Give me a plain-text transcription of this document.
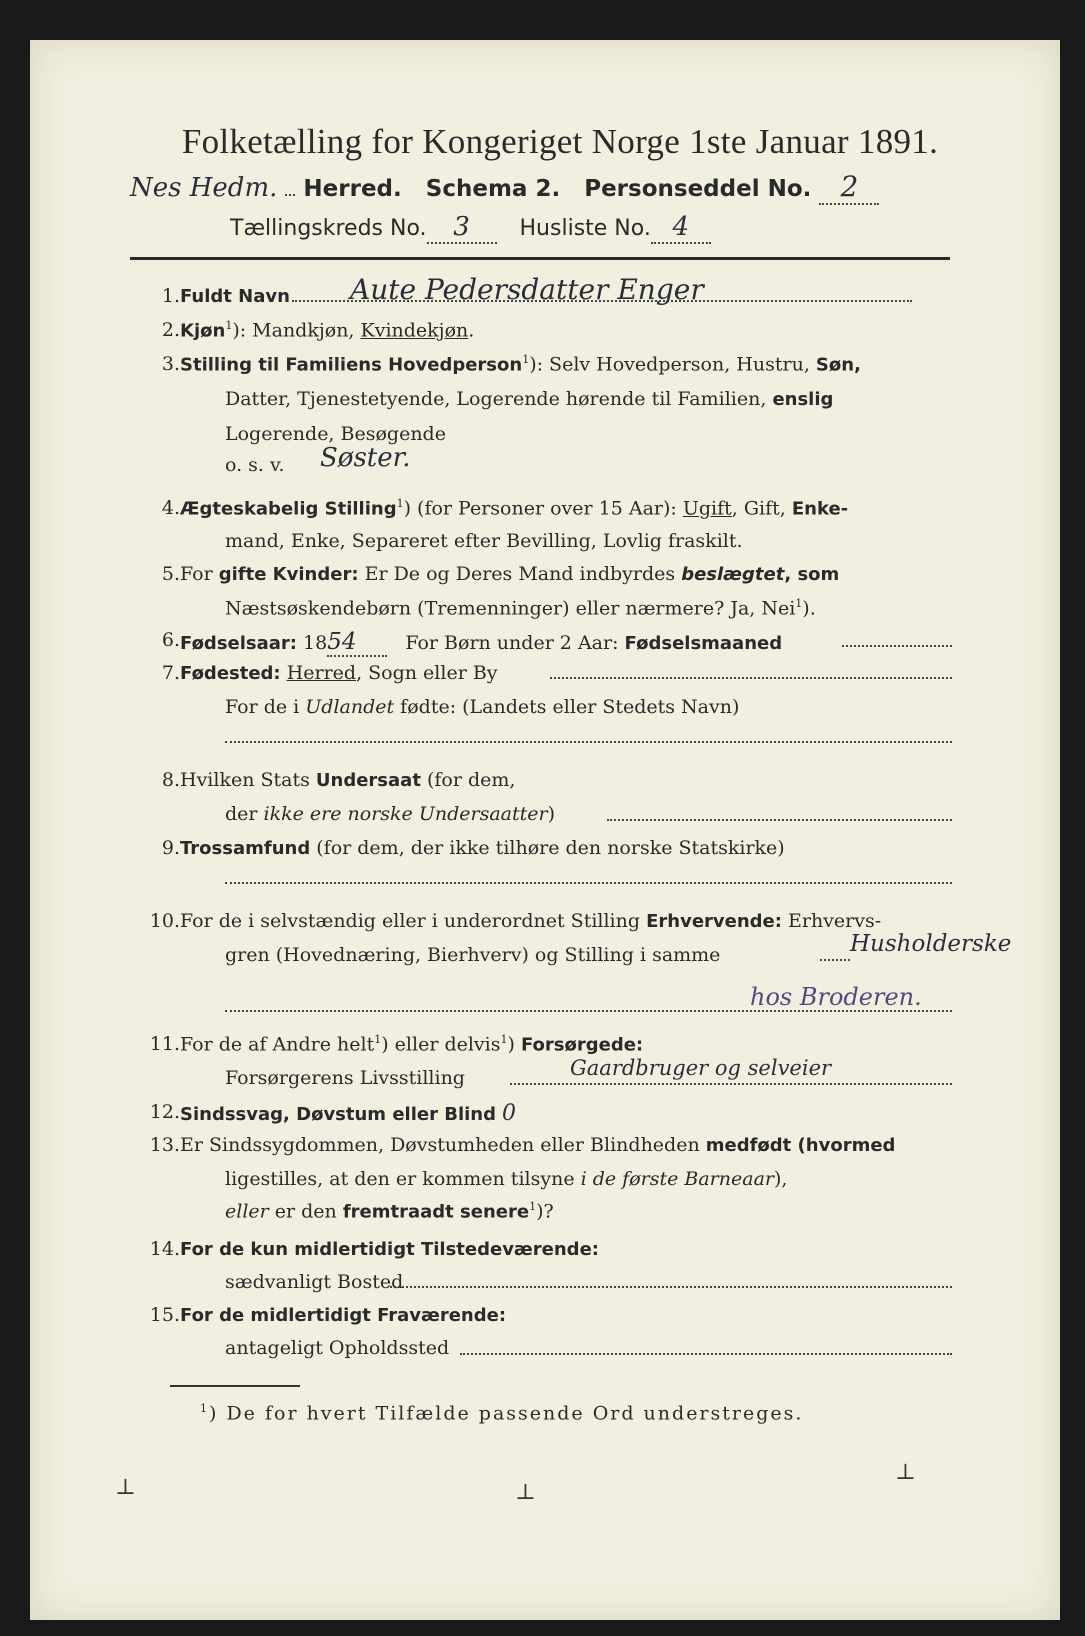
Folketælling for Kongeriget Norge 1ste Januar 1891.
Nes Hedm. Herred. Schema 2. Personseddel No. 2
Tællingskreds No. 3 Husliste No. 4
1. Fuldt Navn Aute Pedersdatter Enger
2. Kjøn$^1$): Mandkjøn, Kvindekjøn.
3. Stilling til Familiens Hovedperson$^1$): Selv Hovedperson, Hustru, Søn,
Datter, Tjenestetyende, Logerende hørende til Familien, enslig
Logerende, Besøgende
o. s. v. Søster.
4. Ægteskabelig Stilling$^1$) (for Personer over 15 Aar): Ugift, Gift, Enke-
mand, Enke, Separeret efter Bevilling, Lovlig fraskilt.
5. For gifte Kvinder: Er De og Deres Mand indbyrdes beslægtet, som
Næstsøskendebørn (Tremenninger) eller nærmere? Ja, Nei$^1$).
6. Fødselsaar: 1854	For Børn under 2 Aar: Fødselsmaaned
7. Fødested: Herred, Sogn eller By
For de i Udlandet fødte: (Landets eller Stedets Navn)
8. Hvilken Stats Undersaat (for dem,
der ikke ere norske Undersaatter)
9. Trossamfund (for dem, der ikke tilhøre den norske Statskirke)
10. For de i selvstændig eller i underordnet Stilling Erhvervende: Erhvervs-
gren (Hovednæring, Bierhverv) og Stilling i samme	Husholderske
hos Broderen.
11. For de af Andre helt$^1$) eller delvis$^1$) Forsørgede:
Forsørgerens Livsstilling	Gaardbruger og selveier
12. Sindssvag, Døvstum eller Blind 0
13. Er Sindssygdommen, Døvstumheden eller Blindheden medfødt (hvormed
ligestilles, at den er kommen tilsyne i de første Barneaar),
eller er den fremtraadt senere$^1$)?
14. For de kun midlertidigt Tilstedeværende:
sædvanligt Bosted
15. For de midlertidigt Fraværende:
antageligt Opholdssted
$^1$) De for hvert Tilfælde passende Ord understreges.
⊥	⊥
⊥
